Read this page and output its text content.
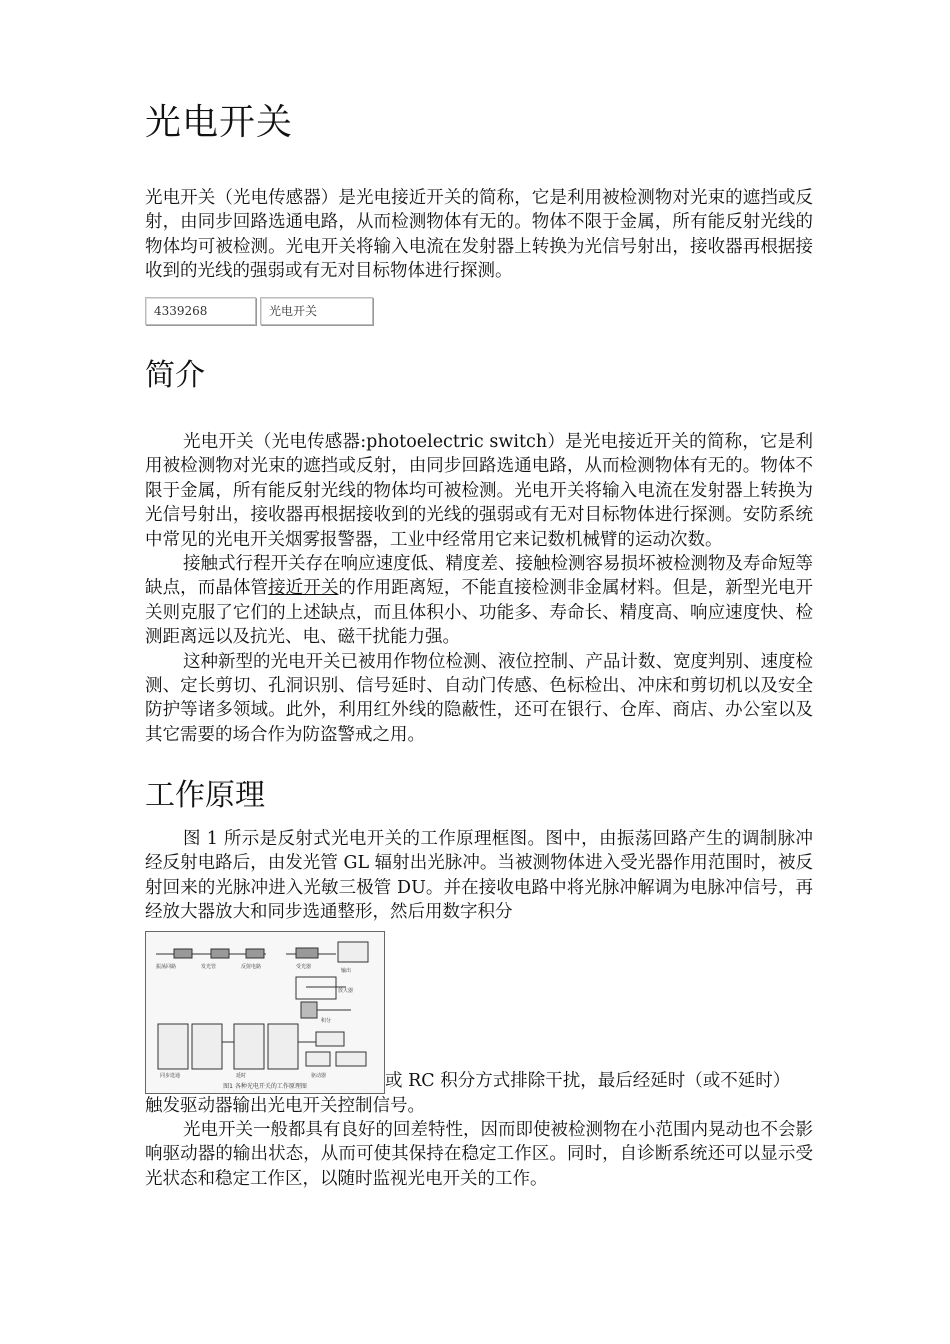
光电开关

光电开关（光电传感器）是光电接近开关的简称，它是利用被检测物对光束的遮挡或反射，由同步回路选通电路，从而检测物体有无的。物体不限于金属，所有能反射光线的物体均可被检测。光电开关将输入电流在发射器上转换为光信号射出，接收器再根据接收到的光线的强弱或有无对目标物体进行探测。

4339268	光电开关
简介

光电开关（光电传感器:photoelectric switch）是光电接近开关的简称，它是利用被检测物对光束的遮挡或反射，由同步回路选通电路，从而检测物体有无的。物体不限于金属，所有能反射光线的物体均可被检测。光电开关将输入电流在发射器上转换为光信号射出，接收器再根据接收到的光线的强弱或有无对目标物体进行探测。安防系统中常见的光电开关烟雾报警器，工业中经常用它来记数机械臂的运动次数。

接触式行程开关存在响应速度低、精度差、接触检测容易损坏被检测物及寿命短等缺点，而晶体管接近开关的作用距离短，不能直接检测非金属材料。但是，新型光电开关则克服了它们的上述缺点，而且体积小、功能多、寿命长、精度高、响应速度快、检测距离远以及抗光、电、磁干扰能力强。

这种新型的光电开关已被用作物位检测、液位控制、产品计数、宽度判别、速度检测、定长剪切、孔洞识别、信号延时、自动门传感、色标检出、冲床和剪切机以及安全防护等诸多领域。此外，利用红外线的隐蔽性，还可在银行、仓库、商店、办公室以及其它需要的场合作为防盗警戒之用。

工作原理

图 1 所示是反射式光电开关的工作原理框图。图中，由振荡回路产生的调制脉冲经反射电路后，由发光管 GL 辐射出光脉冲。当被测物体进入受光器作用范围时，被反射回来的光脉冲进入光敏三极管 DU。并在接收电路中将光脉冲解调为电脉冲信号，再经放大器放大和同步选通整形，然后用数字积分

振荡回路	发光管	反射电路	受光器
输出
放大器
积分
同步选通	延时	驱动器
图1 各种光电开关的工作原理图	或 RC 积分方式排除干扰，最后经延时（或不延时）

触发驱动器输出光电开关控制信号。

光电开关一般都具有良好的回差特性，因而即使被检测物在小范围内晃动也不会影响驱动器的输出状态，从而可使其保持在稳定工作区。同时，自诊断系统还可以显示受光状态和稳定工作区，以随时监视光电开关的工作。
